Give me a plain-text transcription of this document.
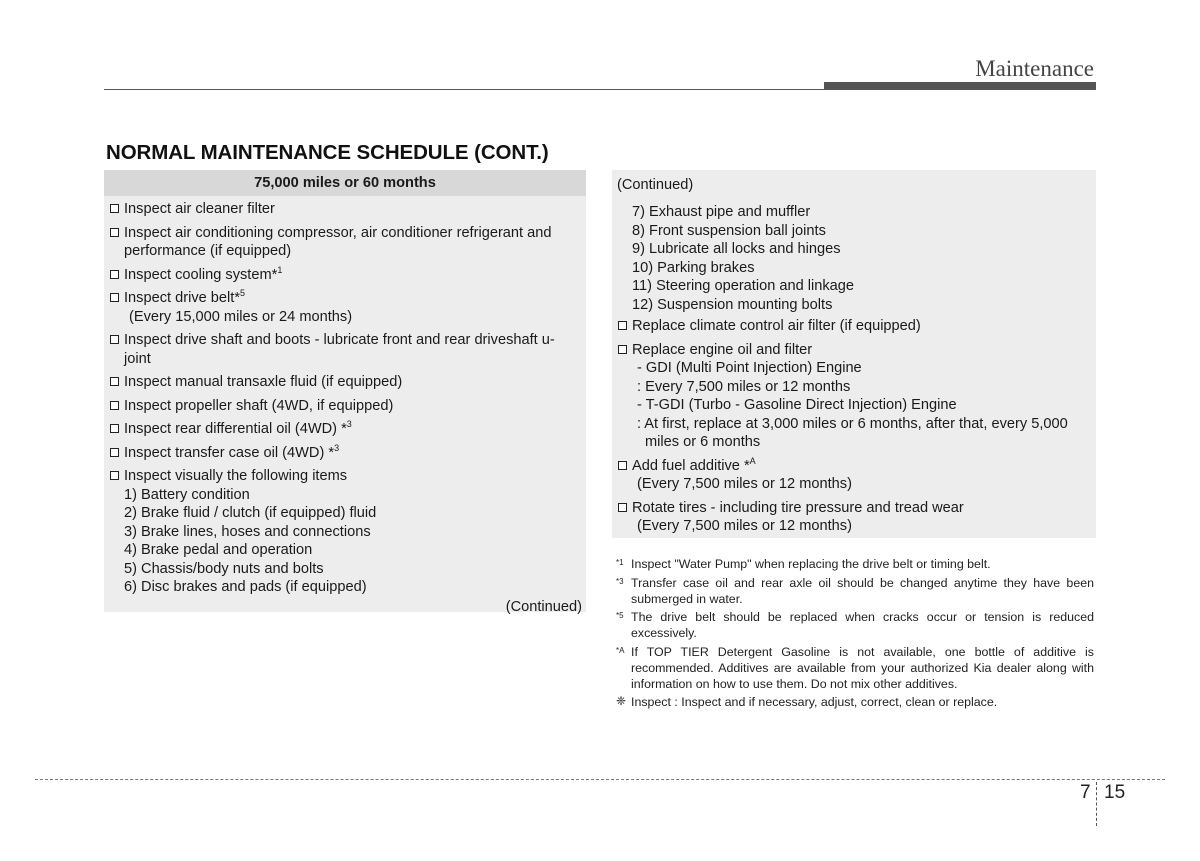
Maintenance
NORMAL MAINTENANCE SCHEDULE (CONT.)
75,000 miles or 60 months
Inspect air cleaner filter
Inspect air conditioning compressor, air conditioner refrigerant and performance (if equipped)
Inspect cooling system*$^1$
Inspect drive belt*$^5$
(Every 15,000 miles or 24 months)
Inspect drive shaft and boots - lubricate front and rear driveshaft u-joint
Inspect manual transaxle fluid (if equipped)
Inspect propeller shaft (4WD, if equipped)
Inspect rear differential oil (4WD) *$^3$
Inspect transfer case oil (4WD) *$^3$
Inspect visually the following items
1) Battery condition
2) Brake fluid / clutch (if equipped) fluid
3) Brake lines, hoses and connections
4) Brake pedal and operation
5) Chassis/body nuts and bolts
6) Disc brakes and pads (if equipped)
(Continued)
(Continued)
7) Exhaust pipe and muffler
8) Front suspension ball joints
9) Lubricate all locks and hinges
10) Parking brakes
11) Steering operation and linkage
12) Suspension mounting bolts
Replace climate control air filter (if equipped)
Replace engine oil and filter
- GDI (Multi Point Injection) Engine
: Every 7,500 miles or 12 months
- T-GDI (Turbo - Gasoline Direct Injection) Engine
: At first, replace at 3,000 miles or 6 months, after that, every 5,000
miles or 6 months
Add fuel additive *$^A$
(Every 7,500 miles or 12 months)
Rotate tires - including tire pressure and tread wear
(Every 7,500 miles or 12 months)
*1 Inspect "Water Pump" when replacing the drive belt or timing belt.
*3 Transfer case oil and rear axle oil should be changed anytime they have been submerged in water.
*5 The drive belt should be replaced when cracks occur or tension is reduced excessively.
*A If TOP TIER Detergent Gasoline is not available, one bottle of additive is recommended. Additives are available from your authorized Kia dealer along with information on how to use them. Do not mix other additives.
❈ Inspect : Inspect and if necessary, adjust, correct, clean or replace.
7 15
